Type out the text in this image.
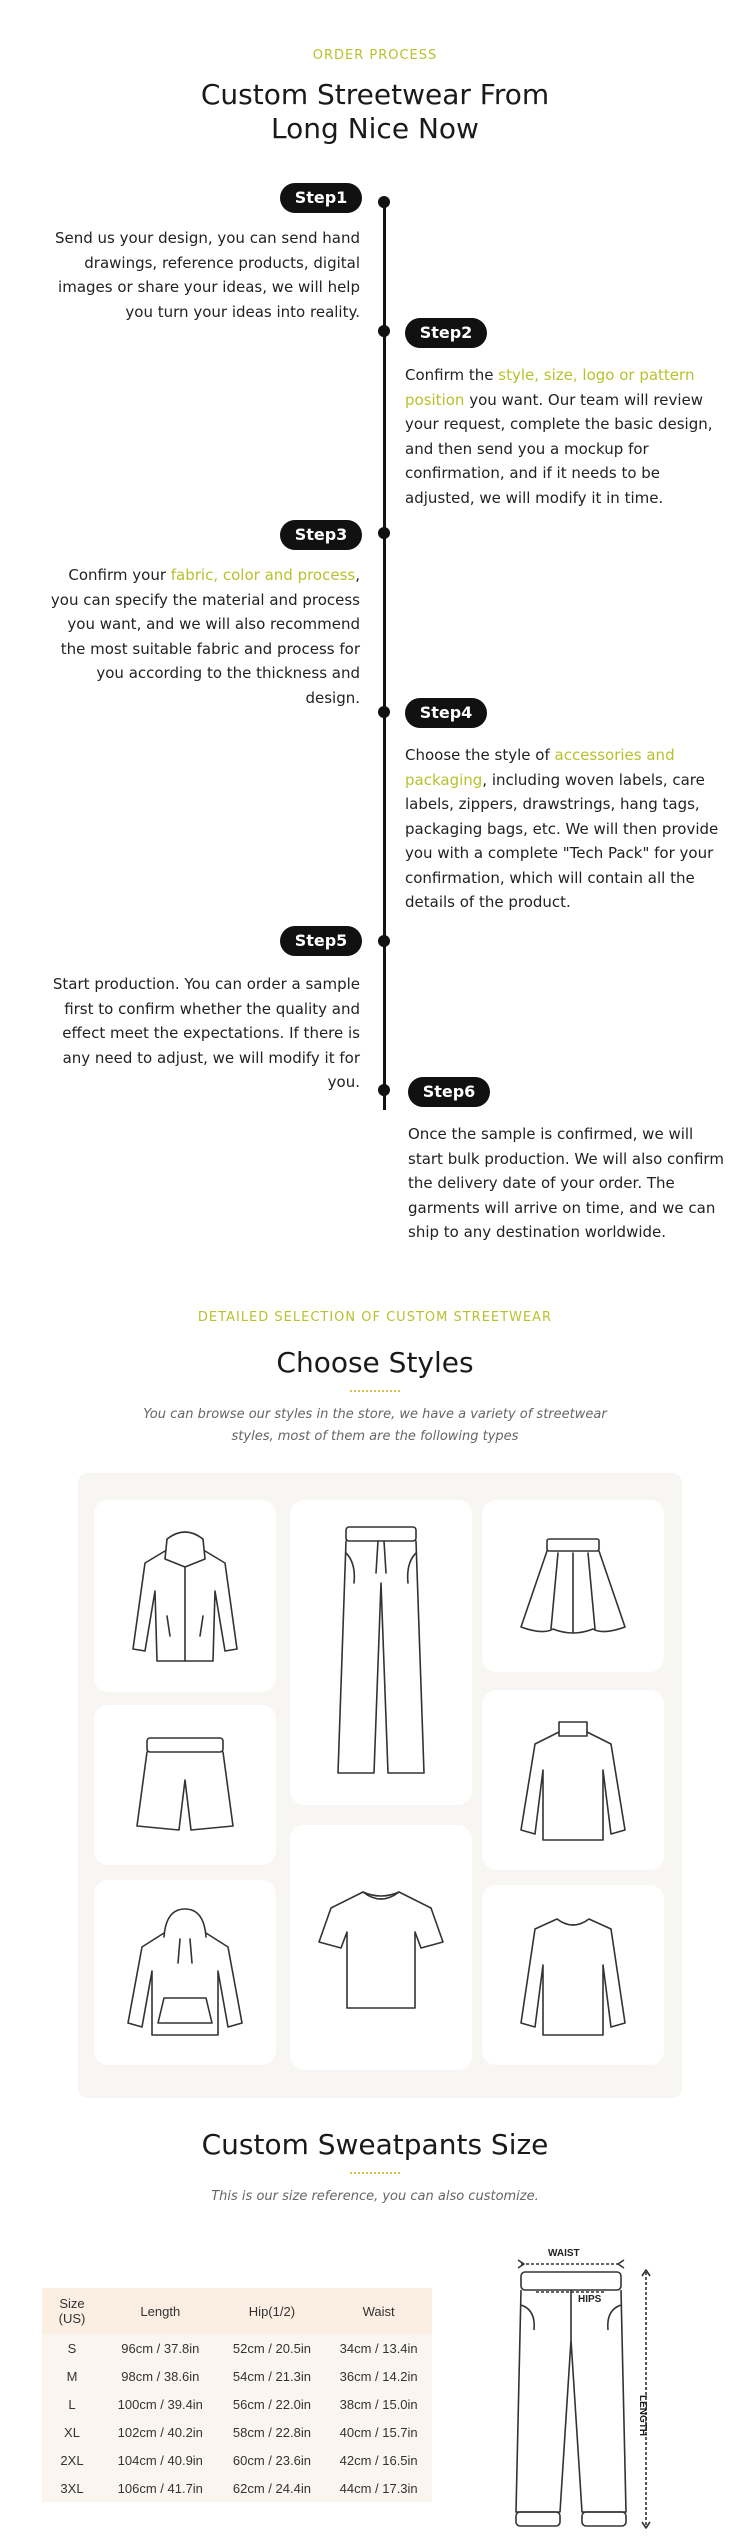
ORDER PROCESS
Custom Streetwear From
Long Nice Now
Step1
Send us your design, you can send hand drawings, reference products, digital images or share your ideas, we will help you turn your ideas into reality.
Step2
Confirm the style, size, logo or pattern position you want. Our team will review your request, complete the basic design, and then send you a mockup for confirmation, and if it needs to be adjusted, we will modify it in time.
Step3
Confirm your fabric, color and process, you can specify the material and process you want, and we will also recommend the most suitable fabric and process for you according to the thickness and design.
Step4
Choose the style of accessories and packaging, including woven labels, care labels, zippers, drawstrings, hang tags, packaging bags, etc. We will then provide you with a complete "Tech Pack" for your confirmation, which will contain all the details of the product.
Step5
Start production. You can order a sample first to confirm whether the quality and effect meet the expectations. If there is any need to adjust, we will modify it for you.	Step6
Once the sample is confirmed, we will start bulk production. We will also confirm the delivery date of your order. The garments will arrive on time, and we can ship to any destination worldwide.
DETAILED SELECTION OF CUSTOM STREETWEAR
Choose Styles
You can browse our styles in the store, we have a variety of streetwear styles, most of them are the following types
Custom Sweatpants Size
This is our size reference, you can also customize.
Size
(US)	Length	Hip(1/2)	Waist
S	96cm / 37.8in	52cm / 20.5in	34cm / 13.4in
M	98cm / 38.6in	54cm / 21.3in	36cm / 14.2in
L	100cm / 39.4in	56cm / 22.0in	38cm / 15.0in
XL	102cm / 40.2in	58cm / 22.8in	40cm / 15.7in
2XL	104cm / 40.9in	60cm / 23.6in	42cm / 16.5in
3XL	106cm / 41.7in	62cm / 24.4in	44cm / 17.3in
WAIST
HIPS
LENGTH
